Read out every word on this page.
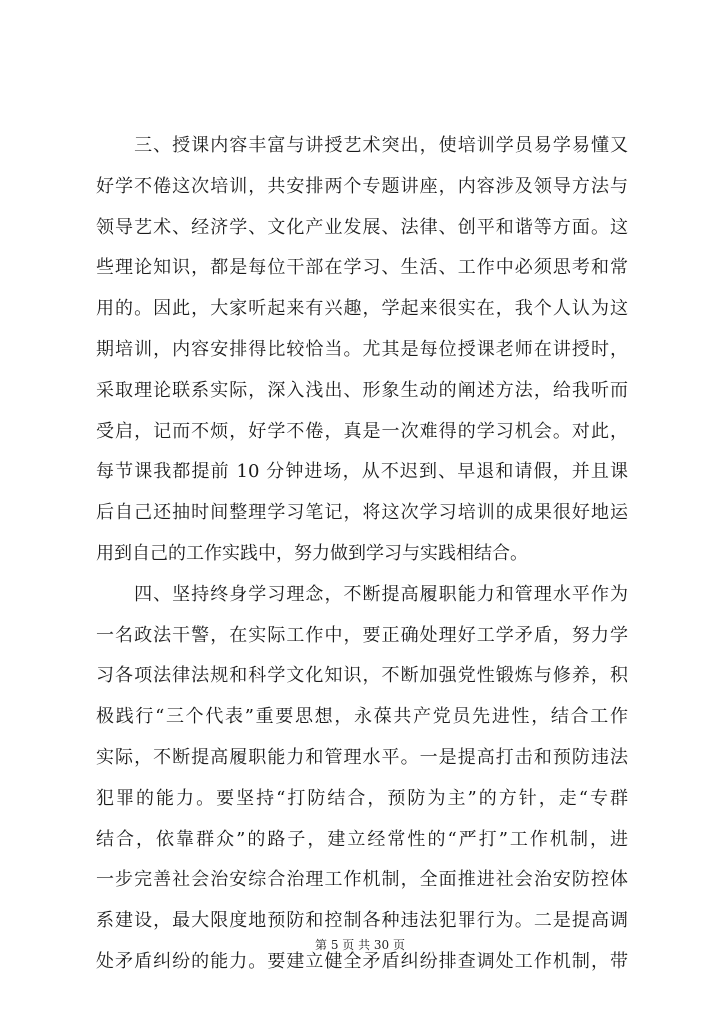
　　三、授课内容丰富与讲授艺术突出，使培训学员易学易懂又
好学不倦这次培训，共安排两个专题讲座，内容涉及领导方法与
领导艺术、经济学、文化产业发展、法律、创平和谐等方面。这
些理论知识，都是每位干部在学习、生活、工作中必须思考和常
用的。因此，大家听起来有兴趣，学起来很实在，我个人认为这
期培训，内容安排得比较恰当。尤其是每位授课老师在讲授时，
采取理论联系实际，深入浅出、形象生动的阐述方法，给我听而
受启，记而不烦，好学不倦，真是一次难得的学习机会。对此，
每节课我都提前 10 分钟进场，从不迟到、早退和请假，并且课
后自己还抽时间整理学习笔记，将这次学习培训的成果很好地运
用到自己的工作实践中，努力做到学习与实践相结合。
　　四、坚持终身学习理念，不断提高履职能力和管理水平作为
一名政法干警，在实际工作中，要正确处理好工学矛盾，努力学
习各项法律法规和科学文化知识，不断加强党性锻炼与修养，积
极践行“三个代表”重要思想，永葆共产党员先进性，结合工作
实际，不断提高履职能力和管理水平。一是提高打击和预防违法
犯罪的能力。要坚持“打防结合，预防为主”的方针，走“专群
结合，依靠群众”的路子，建立经常性的“严打”工作机制，进
一步完善社会治安综合治理工作机制，全面推进社会治安防控体
系建设，最大限度地预防和控制各种违法犯罪行为。二是提高调
处矛盾纠纷的能力。要建立健全矛盾纠纷排查调处工作机制，带
第 5 页 共 30 页
